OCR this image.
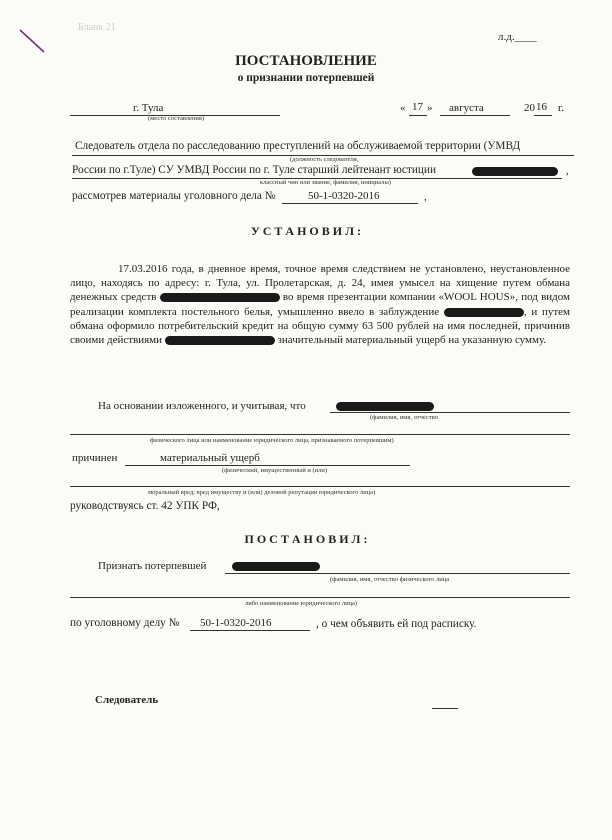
Бланк 21
л.д.____
ПОСТАНОВЛЕНИЕ
о признании потерпевшей
г. Тула
(место составления)
« 17 » августа	20 16 г.
Следователь отдела по расследованию преступлений на обслуживаемой территории (УМВД
(должность следователя,
России по г.Туле) СУ УМВД России по г. Туле старший лейтенант юстиции	,
классный чин или звание, фамилия, инициалы)
рассмотрев материалы уголовного дела №	50-1-0320-2016	,
У С Т А Н О В И Л :
17.03.2016 года, в дневное время, точное время следствием не установлено, неустановленное лицо, находясь по адресу: г. Тула, ул. Пролетарская, д. 24, имея умысел на хищение путем обмана денежных средств	во время презентации компании «WOOL HOUS», под видом реализации комплекта постельного белья, умышленно ввело в заблуждение	, и путем обмана оформило потребительский кредит на общую сумму 63 500 рублей на имя последней, причинив своими действиями	значительный материальный ущерб на указанную сумму.
На основании изложенного, и учитывая, что
(фамилия, имя, отчество
физического лица или наименование юридического лица, признаваемого потерпевшим)
причинен	материальный ущерб
(физический, имущественный и (или)
моральный вред; вред имуществу и (или) деловой репутации юридического лица)
руководствуясь ст. 42 УПК РФ,
П О С Т А Н О В И Л :
Признать потерпевшей
(фамилия, имя, отчество физического лица
либо наименование юридического лица)
по уголовному делу № 50-1-0320-2016	, о чем объявить ей под расписку.
Следователь
